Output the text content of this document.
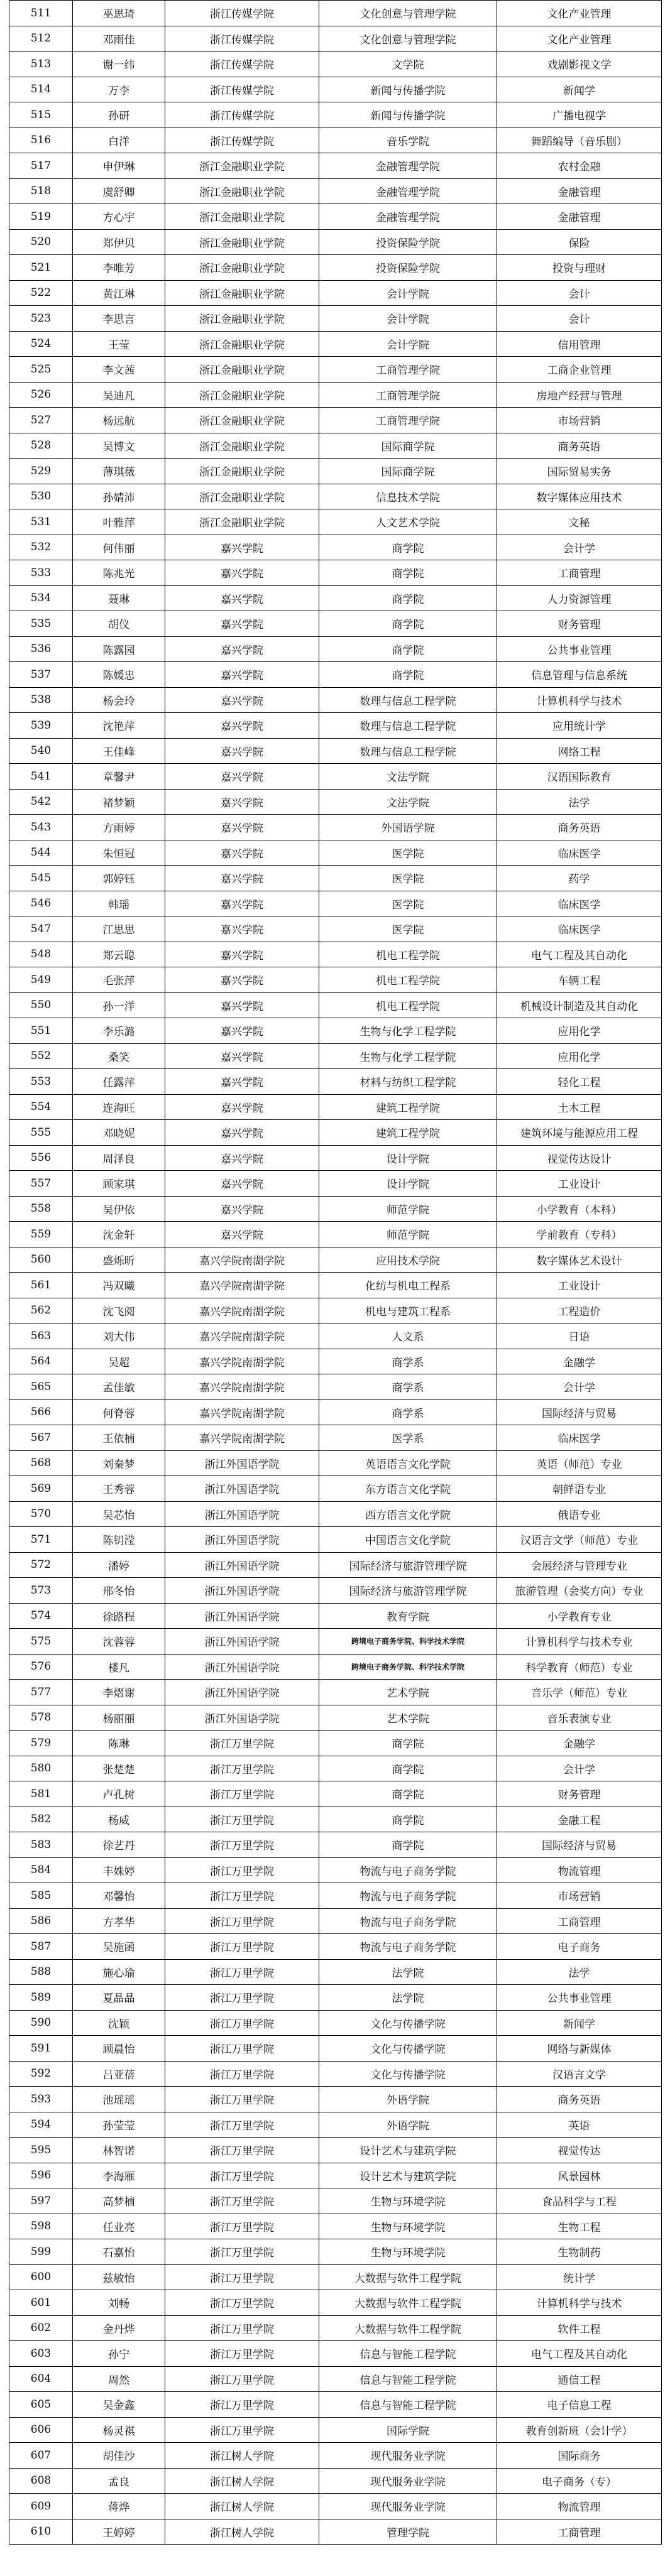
511	巫思琦	浙江传媒学院	文化创意与管理学院	文化产业管理
512	邓雨佳	浙江传媒学院	文化创意与管理学院	文化产业管理
513	谢一纬	浙江传媒学院	文学院	戏剧影视文学
514	万李	浙江传媒学院	新闻与传播学院	新闻学
515	孙研	浙江传媒学院	新闻与传播学院	广播电视学
516	白洋	浙江传媒学院	音乐学院	舞蹈编导（音乐剧）
517	申伊琳	浙江金融职业学院	金融管理学院	农村金融
518	虞舒卿	浙江金融职业学院	金融管理学院	金融管理
519	方心宇	浙江金融职业学院	金融管理学院	金融管理
520	郑伊贝	浙江金融职业学院	投资保险学院	保险
521	李唯芳	浙江金融职业学院	投资保险学院	投资与理财
522	黄江琳	浙江金融职业学院	会计学院	会计
523	李思言	浙江金融职业学院	会计学院	会计
524	王莹	浙江金融职业学院	会计学院	信用管理
525	李文茜	浙江金融职业学院	工商管理学院	工商企业管理
526	吴迪凡	浙江金融职业学院	工商管理学院	房地产经营与管理
527	杨远航	浙江金融职业学院	工商管理学院	市场营销
528	吴博文	浙江金融职业学院	国际商学院	商务英语
529	薄琪薇	浙江金融职业学院	国际商学院	国际贸易实务
530	孙婧沛	浙江金融职业学院	信息技术学院	数字媒体应用技术
531	叶雅萍	浙江金融职业学院	人文艺术学院	文秘
532	何伟丽	嘉兴学院	商学院	会计学
533	陈兆光	嘉兴学院	商学院	工商管理
534	聂琳	嘉兴学院	商学院	人力资源管理
535	胡仪	嘉兴学院	商学院	财务管理
536	陈露园	嘉兴学院	商学院	公共事业管理
537	陈媛忠	嘉兴学院	商学院	信息管理与信息系统
538	杨会玲	嘉兴学院	数理与信息工程学院	计算机科学与技术
539	沈艳萍	嘉兴学院	数理与信息工程学院	应用统计学
540	王佳峰	嘉兴学院	数理与信息工程学院	网络工程
541	章馨尹	嘉兴学院	文法学院	汉语国际教育
542	褚梦颖	嘉兴学院	文法学院	法学
543	方雨婷	嘉兴学院	外国语学院	商务英语
544	朱恒冠	嘉兴学院	医学院	临床医学
545	郭婷钰	嘉兴学院	医学院	药学
546	韩瑶	嘉兴学院	医学院	临床医学
547	江思思	嘉兴学院	医学院	临床医学
548	郑云聪	嘉兴学院	机电工程学院	电气工程及其自动化
549	毛张萍	嘉兴学院	机电工程学院	车辆工程
550	孙一洋	嘉兴学院	机电工程学院	机械设计制造及其自动化
551	李乐潞	嘉兴学院	生物与化学工程学院	应用化学
552	桑笑	嘉兴学院	生物与化学工程学院	应用化学
553	任露萍	嘉兴学院	材料与纺织工程学院	轻化工程
554	连海旺	嘉兴学院	建筑工程学院	土木工程
555	邓晓妮	嘉兴学院	建筑工程学院	建筑环境与能源应用工程
556	周泽良	嘉兴学院	设计学院	视觉传达设计
557	顾家琪	嘉兴学院	设计学院	工业设计
558	吴伊依	嘉兴学院	师范学院	小学教育（本科）
559	沈金轩	嘉兴学院	师范学院	学前教育（专科）
560	盛烁昕	嘉兴学院南湖学院	应用技术学院	数字媒体艺术设计
561	冯双曦	嘉兴学院南湖学院	化纺与机电工程系	工业设计
562	沈飞阅	嘉兴学院南湖学院	机电与建筑工程系	工程造价
563	刘大伟	嘉兴学院南湖学院	人文系	日语
564	吴超	嘉兴学院南湖学院	商学系	金融学
565	孟佳敏	嘉兴学院南湖学院	商学系	会计学
566	何脊蓉	嘉兴学院南湖学院	商学系	国际经济与贸易
567	王依楠	嘉兴学院南湖学院	医学系	临床医学
568	刘秦梦	浙江外国语学院	英语语言文化学院	英语（师范）专业
569	王秀蓉	浙江外国语学院	东方语言文化学院	朝鲜语专业
570	吴芯怡	浙江外国语学院	西方语言文化学院	俄语专业
571	陈钥滢	浙江外国语学院	中国语言文化学院	汉语言文学（师范）专业
572	潘婷	浙江外国语学院	国际经济与旅游管理学院	会展经济与管理专业
573	邢冬怡	浙江外国语学院	国际经济与旅游管理学院	旅游管理（会奖方向）专业
574	徐路程	浙江外国语学院	教育学院	小学教育专业
575	沈蓉蓉	浙江外国语学院	跨境电子商务学院、科学技术学院	计算机科学与技术专业
576	楼凡	浙江外国语学院	跨境电子商务学院、科学技术学院	科学教育（师范）专业
577	李熠谢	浙江外国语学院	艺术学院	音乐学（师范）专业
578	杨丽丽	浙江外国语学院	艺术学院	音乐表演专业
579	陈琳	浙江万里学院	商学院	金融学
580	张楚楚	浙江万里学院	商学院	会计学
581	卢孔树	浙江万里学院	商学院	财务管理
582	杨威	浙江万里学院	商学院	金融工程
583	徐艺丹	浙江万里学院	商学院	国际经济与贸易
584	丰姝婷	浙江万里学院	物流与电子商务学院	物流管理
585	邓馨怡	浙江万里学院	物流与电子商务学院	市场营销
586	方孝华	浙江万里学院	物流与电子商务学院	工商管理
587	吴施函	浙江万里学院	物流与电子商务学院	电子商务
588	施心瑜	浙江万里学院	法学院	法学
589	夏晶晶	浙江万里学院	法学院	公共事业管理
590	沈颖	浙江万里学院	文化与传播学院	新闻学
591	顾晨怡	浙江万里学院	文化与传播学院	网络与新媒体
592	吕亚蓓	浙江万里学院	文化与传播学院	汉语言文学
593	池瑶瑶	浙江万里学院	外语学院	商务英语
594	孙莹莹	浙江万里学院	外语学院	英语
595	林智诺	浙江万里学院	设计艺术与建筑学院	视觉传达
596	李海雁	浙江万里学院	设计艺术与建筑学院	风景园林
597	高梦楠	浙江万里学院	生物与环境学院	食品科学与工程
598	任业亮	浙江万里学院	生物与环境学院	生物工程
599	石嘉怡	浙江万里学院	生物与环境学院	生物制药
600	兹敏怡	浙江万里学院	大数据与软件工程学院	统计学
601	刘畅	浙江万里学院	大数据与软件工程学院	计算机科学与技术
602	金丹烨	浙江万里学院	大数据与软件工程学院	软件工程
603	孙宁	浙江万里学院	信息与智能工程学院	电气工程及其自动化
604	周然	浙江万里学院	信息与智能工程学院	通信工程
605	吴金鑫	浙江万里学院	信息与智能工程学院	电子信息工程
606	杨灵祺	浙江万里学院	国际学院	教育创新班（会计学）
607	胡佳沙	浙江树人学院	现代服务业学院	国际商务
608	孟良	浙江树人学院	现代服务业学院	电子商务（专）
609	蒋烨	浙江树人学院	现代服务业学院	物流管理
610	王婷婷	浙江树人学院	管理学院	工商管理
